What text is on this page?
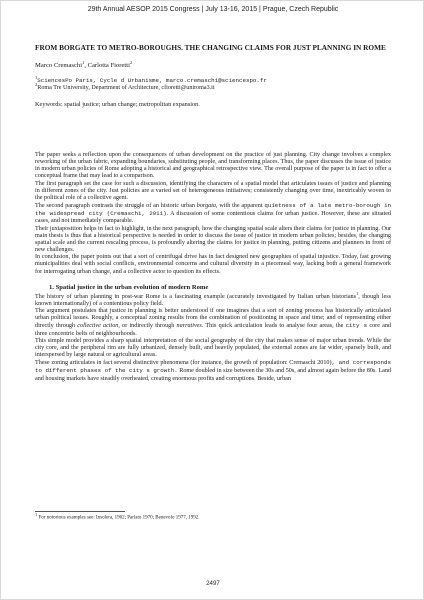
29th Annual AESOP 2015 Congress | July 13-16, 2015 | Prague, Czech Republic
FROM BORGATE TO METRO-BOROUGHS. THE CHANGING CLAIMS FOR JUST PLANNING IN ROME
Marco Cremaschi$^1$, Carlotta Fioretti$^2$
$^1$SciencesPo Paris, Cycle d Urbanisme, marco.cremaschi@sciencespo.fr
$^2$Roma Tre University, Department of Architecture, cfioretti@uniroma3.it
Keywords: spatial justice; urban change; metropolitan expansion.

The paper seeks a reflection upon the consequences of urban development on the practice of just planning. City change involves a complex reworking of the urban fabric, expanding boundaries, substituting people, and transforming places. Thus, the paper discusses the issue of justice in modern urban policies of Rome adopting a historical and geographical retrospective view. The overall purpose of the paper is in fact to offer a conceptual frame that may lead to a comparison.

The first paragraph set the case for such a discussion, identifying the characters of a spatial model that articulates issues of justice and planning in different zones of the city. Just policies are a varied set of heterogeneous initiatives; consistently changing over time, inextricably woven to the political role of a collective agent.

The second paragraph contrasts the struggle of an historic urban borgata, with the apparent quietness of a late metro-borough in the widespread city (Cremaschi, 2011). A discussion of some contentious claims for urban justice. However, these are situated cases, and not immediately comparable.

Their juxtaposition helps in fact to highlight, in the next paragraph, how the changing spatial scale alters their claims for justice in planning. Our main thesis is thus that a historical perspective is needed in order to discuss the issue of justice in modern urban policies; besides, the changing spatial scale and the current rescaling process, is profoundly altering the claims for justice in planning, putting citizens and planners in front of new challenges.

In conclusion, the paper points out that a sort of centrifugal drive has in fact designed new geographies of spatial injustice. Today, fast growing municipalities deal with social conflicts, environmental concerns and cultural diversity in a piecemeal way, lacking both a general framework for interrogating urban change, and a collective actor to question its effects.

1. Spatial justice in the urban evolution of modern Rome

The history of urban planning in post-war Rome is a fascinating example (accurately investigated by Italian urban historians$^1$, though less known internationally) of a contentious policy field.

The argument postulates that justice in planning is better understood if one imagines that a sort of zoning process has historically articulated urban political issues. Roughly, a conceptual zoning results from the combination of positioning in space and time; and of representing either directly through collective action, or indirectly through narratives. This quick articulation leads to analyse four areas, the city s core and three concentric belts of neighbourhoods.

This simple model provides a sharp spatial interpretation of the social geography of the city that makes sense of major urban trends. While the city core, and the peripheral rim are fully urbanized, densely built, and heavily populated, the external zones are far wider, sparsely built, and interspersed by large natural or agricultural areas.

These zoning articulates in fact several distinctive phenomena (for instance, the growth of population: Cremaschi 2010), and corresponds to different phases of the city s growth. Rome doubled in size between the 30s and 50s, and almost again before the 80s. Land and housing markets have steadily overheated, creating enormous profits and corruptions. Beside, urban

$^1$ For notorious examples see: Insolera, 1962; Parlato 1970; Benevolo 1977, 1992.
2497
